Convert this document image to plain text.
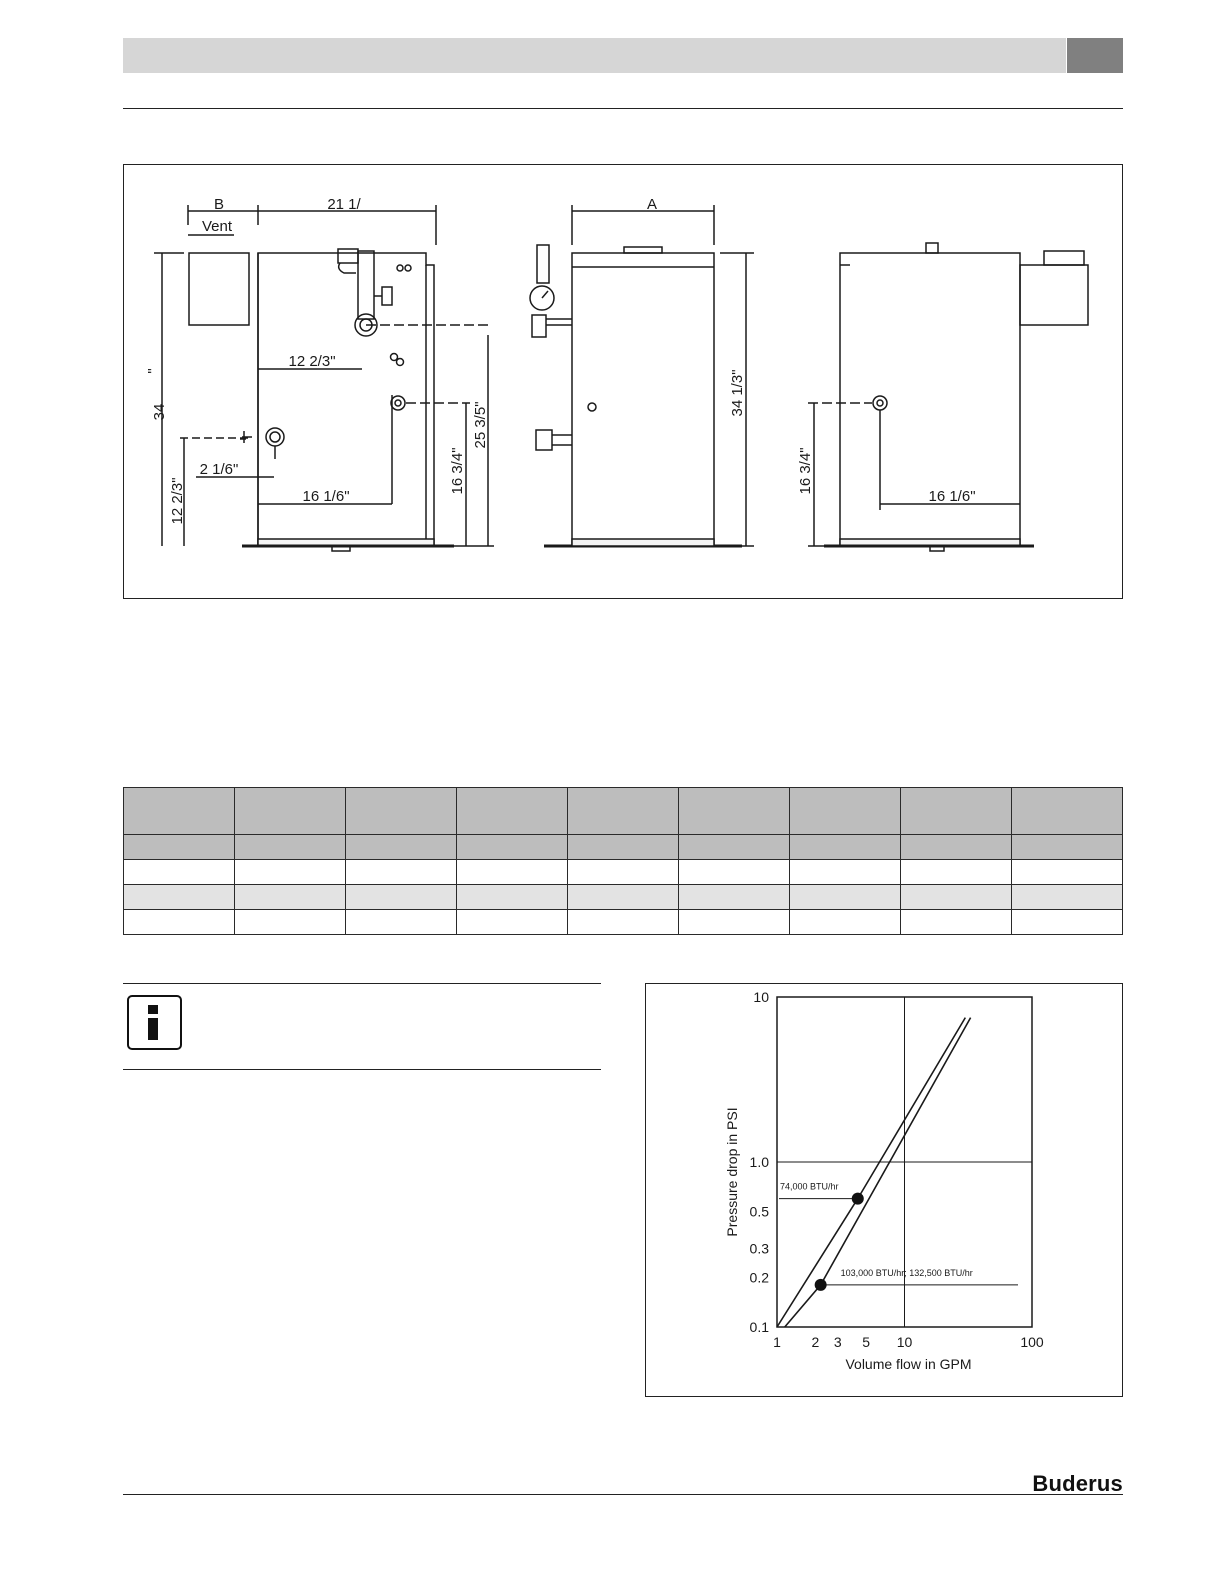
B
Vent
21 1/	A
12 2/3"
2 1/6"
16 1/6"	16 1/6"
34
"
12 2/3"
16 3/4"
25 3/5"
34 1/3"
16 3/4"

1 2 3 5 10	100
10
1.0
0.5
0.3
0.2
0.1
Volume flow in GPM
Pressure drop in PSI	74,000 BTU/hr
103,000 BTU/hr; 132,500 BTU/hr
Buderus
